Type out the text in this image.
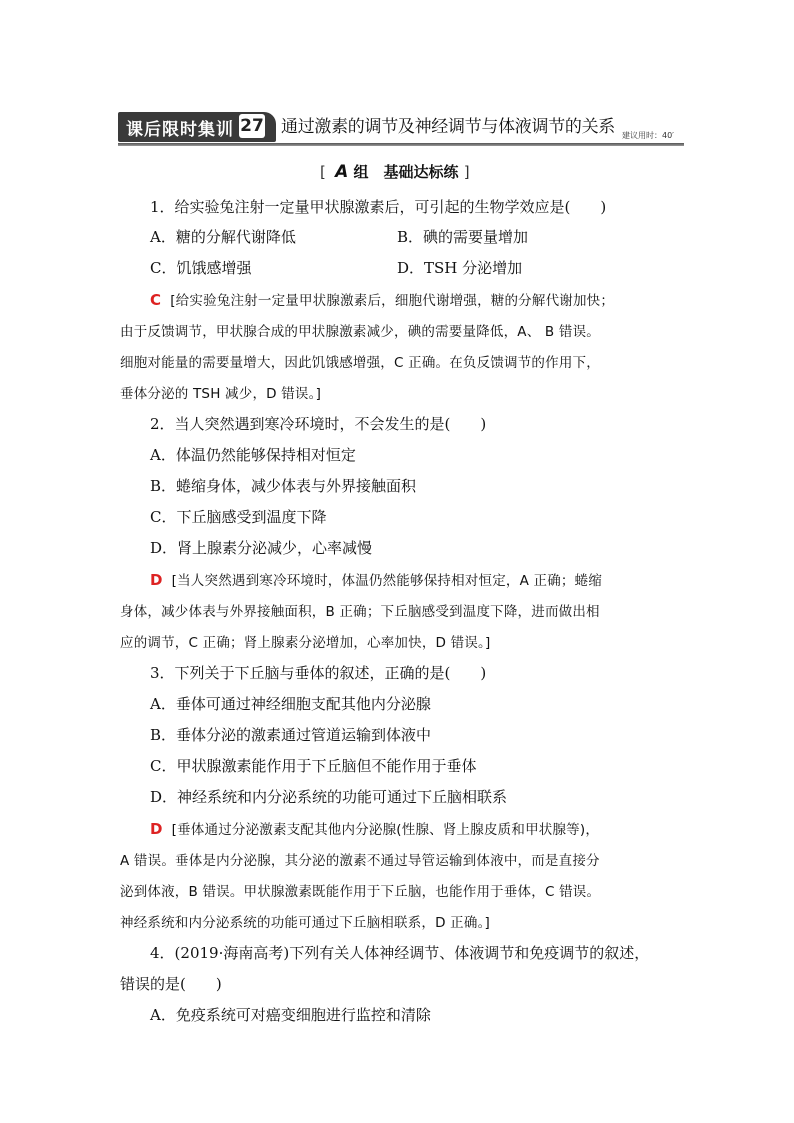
课后限时集训 27 通过激素的调节及神经调节与体液调节的关系 建议用时：40′
[ A 组　基础达标练 ]
1．给实验兔注射一定量甲状腺激素后，可引起的生物学效应是(　　)
A．糖的分解代谢降低	B．碘的需要量增加
C．饥饿感增强	D．TSH 分泌增加
2．当人突然遇到寒冷环境时，不会发生的是(　　)
A．体温仍然能够保持相对恒定
B．蜷缩身体，减少体表与外界接触面积
C．下丘脑感受到温度下降
D．肾上腺素分泌减少，心率减慢
3．下列关于下丘脑与垂体的叙述，正确的是(　　)
A．垂体可通过神经细胞支配其他内分泌腺
B．垂体分泌的激素通过管道运输到体液中
C．甲状腺激素能作用于下丘脑但不能作用于垂体
D．神经系统和内分泌系统的功能可通过下丘脑相联系
4．(2019·海南高考)下列有关人体神经调节、体液调节和免疫调节的叙述，
错误的是(　　)
A．免疫系统可对癌变细胞进行监控和清除
C [给实验兔注射一定量甲状腺激素后，细胞代谢增强，糖的分解代谢加快；
由于反馈调节，甲状腺合成的甲状腺激素减少，碘的需要量降低，A、 B 错误。
细胞对能量的需要量增大，因此饥饿感增强，C 正确。在负反馈调节的作用下，
垂体分泌的 TSH 减少，D 错误。]
D [当人突然遇到寒冷环境时，体温仍然能够保持相对恒定，A 正确；蜷缩
身体，减少体表与外界接触面积，B 正确；下丘脑感受到温度下降，进而做出相
应的调节，C 正确；肾上腺素分泌增加，心率加快，D 错误。]
D [垂体通过分泌激素支配其他内分泌腺(性腺、肾上腺皮质和甲状腺等)，
A 错误。垂体是内分泌腺，其分泌的激素不通过导管运输到体液中，而是直接分
泌到体液，B 错误。甲状腺激素既能作用于下丘脑，也能作用于垂体，C 错误。
神经系统和内分泌系统的功能可通过下丘脑相联系，D 正确。]
